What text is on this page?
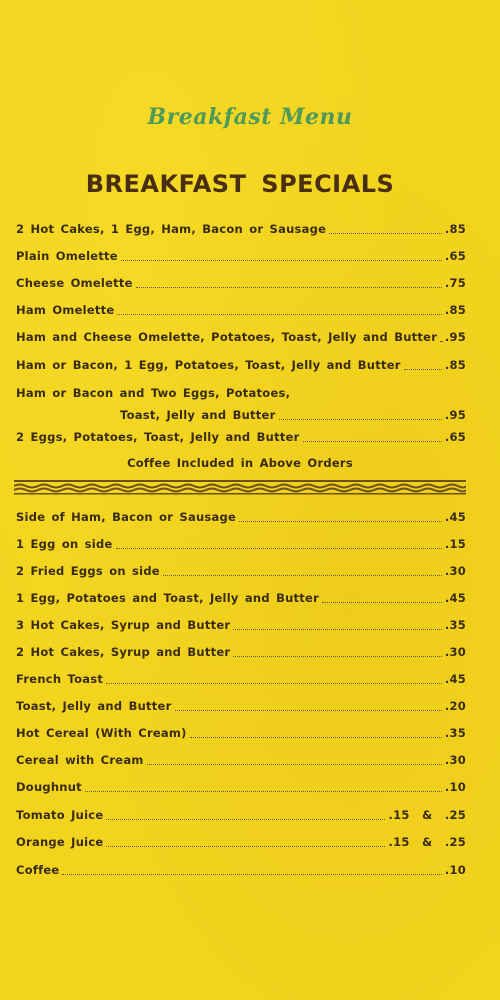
Breakfast Menu
BREAKFAST SPECIALS
2 Hot Cakes, 1 Egg, Ham, Bacon or Sausage	.85
Plain Omelette	.65
Cheese Omelette	.75
Ham Omelette	.85
Ham and Cheese Omelette, Potatoes, Toast, Jelly and Butter .95
Ham or Bacon, 1 Egg, Potatoes, Toast, Jelly and Butter	.85
Ham or Bacon and Two Eggs, Potatoes,
Toast, Jelly and Butter	.95
2 Eggs, Potatoes, Toast, Jelly and Butter	.65
Coffee Included in Above Orders
Side of Ham, Bacon or Sausage	.45
1 Egg on side	.15
2 Fried Eggs on side	.30
1 Egg, Potatoes and Toast, Jelly and Butter	.45
3 Hot Cakes, Syrup and Butter	.35
2 Hot Cakes, Syrup and Butter	.30
French Toast	.45
Toast, Jelly and Butter	.20
Hot Cereal (With Cream)	.35
Cereal with Cream	.30
Doughnut	.10
Tomato Juice	.15  &  .25
Orange Juice	.15  &  .25
Coffee	.10
